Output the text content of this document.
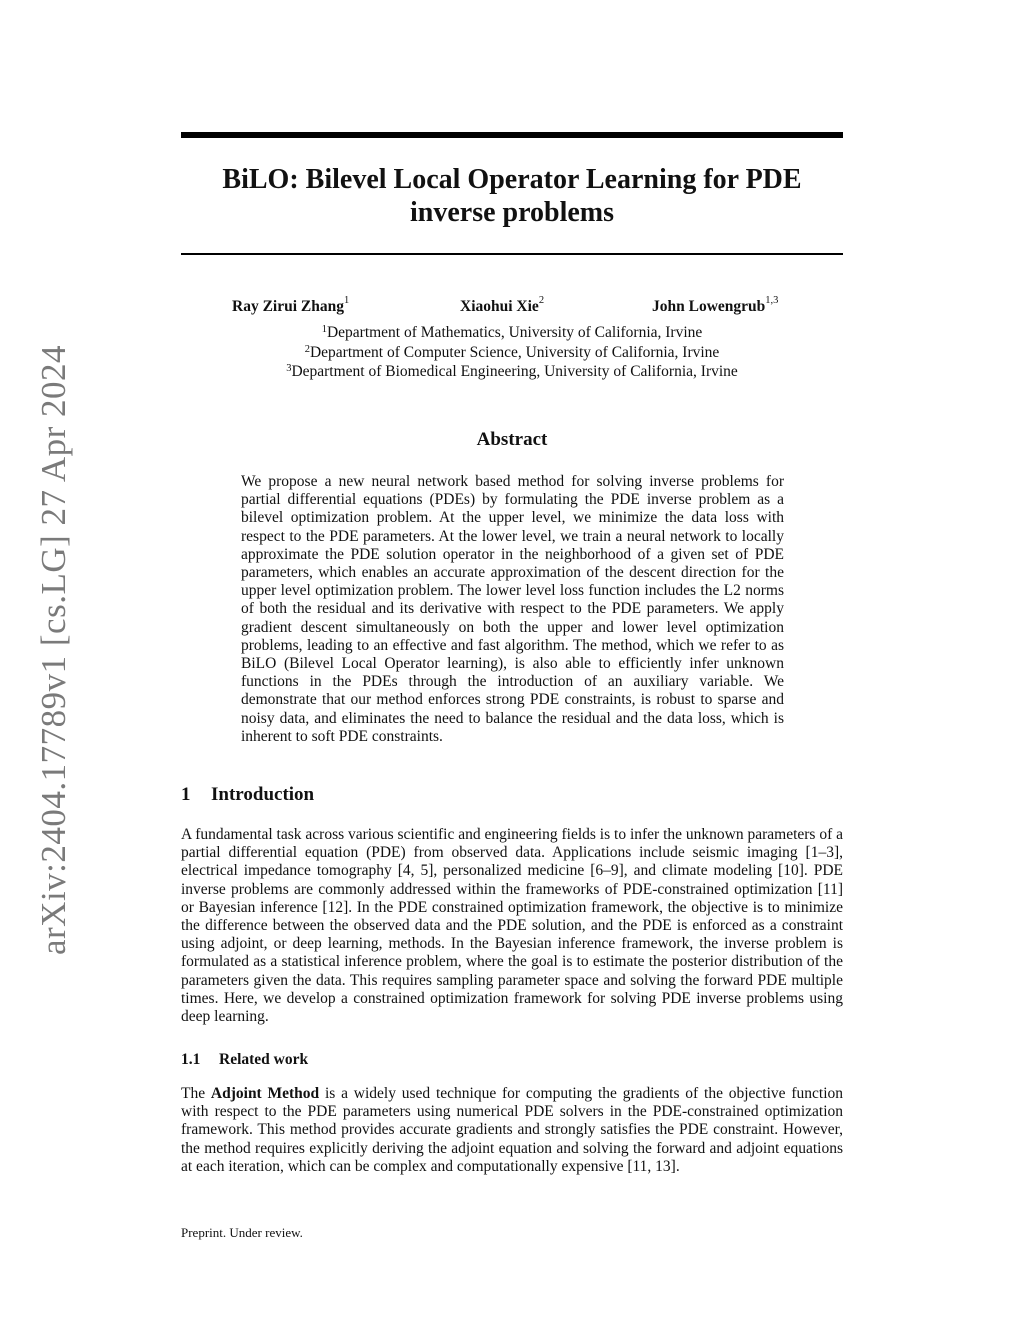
arXiv:2404.17789v1 [cs.LG] 27 Apr 2024
BiLO: Bilevel Local Operator Learning for PDE inverse problems
Ray Zirui Zhang$^1$	Xiaohui Xie$^2$	John Lowengrub$^{1,3}$
$^1$Department of Mathematics, University of California, Irvine
$^2$Department of Computer Science, University of California, Irvine
$^3$Department of Biomedical Engineering, University of California, Irvine
Abstract
We propose a new neural network based method for solving inverse problems for partial differential equations (PDEs) by formulating the PDE inverse problem as a bilevel optimization problem. At the upper level, we minimize the data loss with respect to the PDE parameters. At the lower level, we train a neural network to locally approximate the PDE solution operator in the neighborhood of a given set of PDE parameters, which enables an accurate approximation of the descent direction for the upper level optimization problem. The lower level loss function includes the L2 norms of both the residual and its derivative with respect to the PDE parameters. We apply gradient descent simultaneously on both the upper and lower level optimization problems, leading to an effective and fast algorithm. The method, which we refer to as BiLO (Bilevel Local Operator learning), is also able to efficiently infer unknown functions in the PDEs through the introduction of an auxiliary variable. We demonstrate that our method enforces strong PDE constraints, is robust to sparse and noisy data, and eliminates the need to balance the residual and the data loss, which is inherent to soft PDE constraints.
1 Introduction
A fundamental task across various scientific and engineering fields is to infer the unknown parameters of a partial differential equation (PDE) from observed data. Applications include seismic imaging [1–3], electrical impedance tomography [4, 5], personalized medicine [6–9], and climate modeling [10]. PDE inverse problems are commonly addressed within the frameworks of PDE-constrained optimization [11] or Bayesian inference [12]. In the PDE constrained optimization framework, the objective is to minimize the difference between the observed data and the PDE solution, and the PDE is enforced as a constraint using adjoint, or deep learning, methods. In the Bayesian inference framework, the inverse problem is formulated as a statistical inference problem, where the goal is to estimate the posterior distribution of the parameters given the data. This requires sampling parameter space and solving the forward PDE multiple times. Here, we develop a constrained optimization framework for solving PDE inverse problems using deep learning.
1.1 Related work
The Adjoint Method is a widely used technique for computing the gradients of the objective function with respect to the PDE parameters using numerical PDE solvers in the PDE-constrained optimization framework. This method provides accurate gradients and strongly satisfies the PDE constraint. However, the method requires explicitly deriving the adjoint equation and solving the forward and adjoint equations at each iteration, which can be complex and computationally expensive [11, 13].
Preprint. Under review.
